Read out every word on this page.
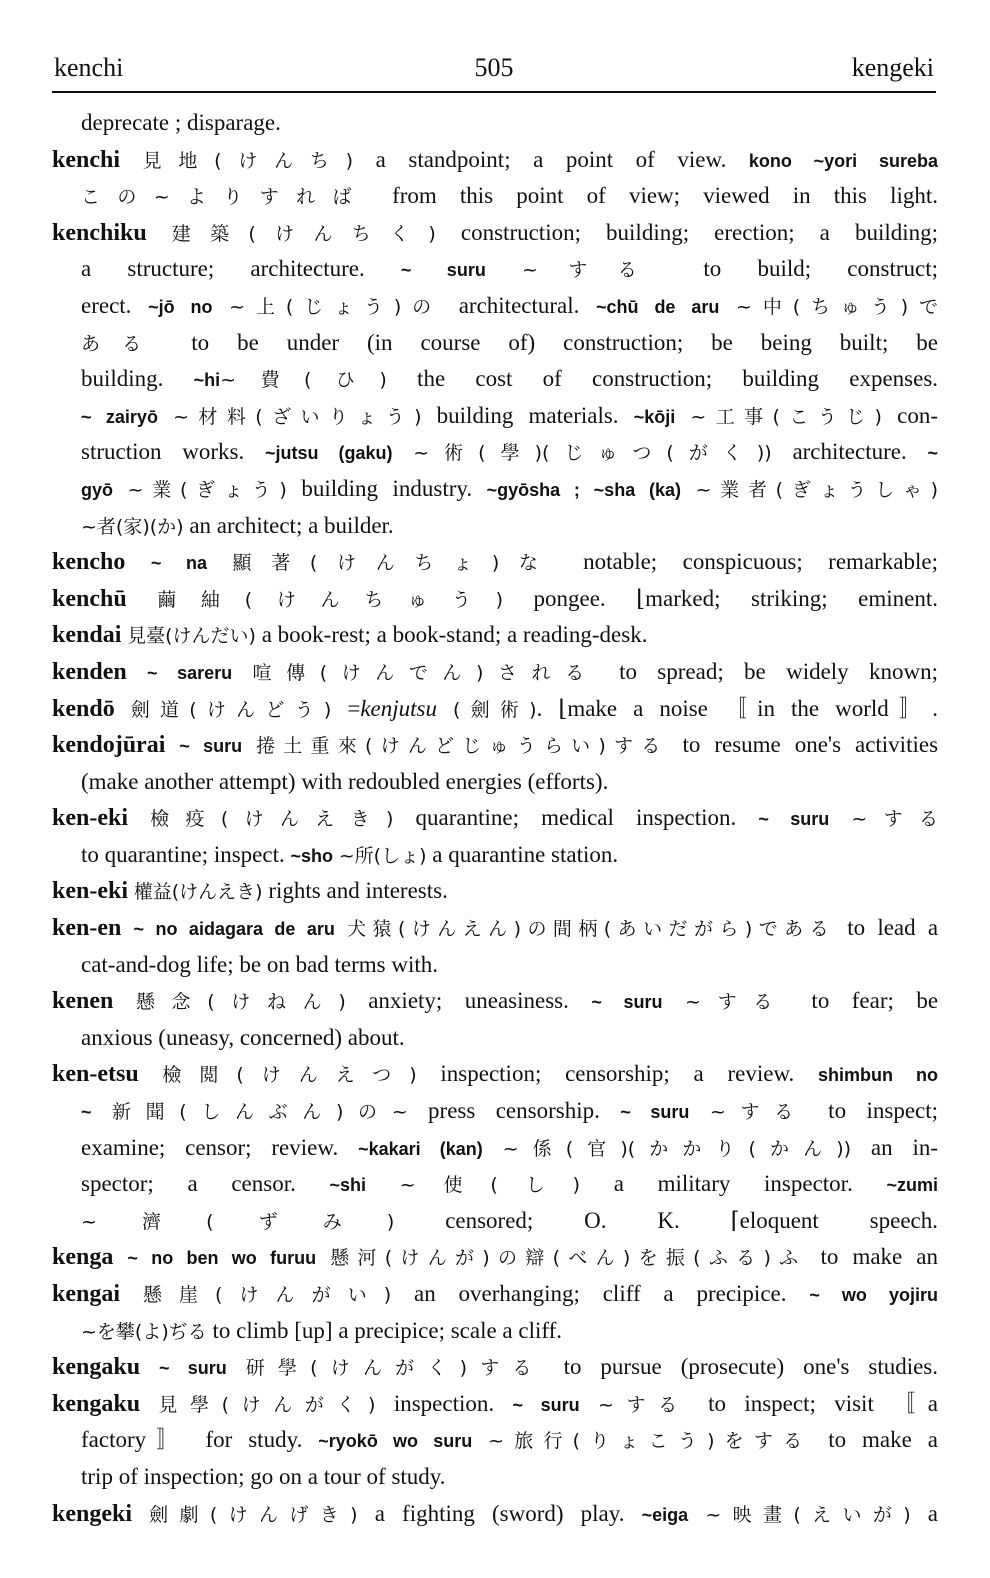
kenchi	505	kengeki
deprecate ; disparage.
kenchi 見地(けんち) a standpoint; a point of view. kono ~yori sureba
この~よりすれば from this point of view; viewed in this light.
kenchiku 建築(けんちく) construction; building; erection; a building;
a structure; architecture. ~ suru ~する to build; construct;
erect. ~jō no ~上(じょう)の architectural. ~chū de aru ~中(ちゅう)で
ある to be under (in course of) construction; be being built; be
building. ~hi~費(ひ) the cost of construction; building expenses.
~ zairyō ~材料(ざいりょう) building materials. ~kōji ~工事(こうじ) con-
struction works. ~jutsu (gaku) ~術(學)(じゅつ(がく)) architecture. ~
gyō ~業(ぎょう) building industry. ~gyōsha ; ~sha (ka) ~業者(ぎょうしゃ)
~者(家)(か) an architect; a builder.
kencho ~ na 顯著(けんちょ)な notable; conspicuous; remarkable;
kenchū 繭紬(けんちゅう) pongee. ⌊marked; striking; eminent.
kendai 見臺(けんだい) a book-rest; a book-stand; a reading-desk.
kenden ~ sareru 喧傳(けんでん)される to spread; be widely known;
kendō 劍道(けんどう) =kenjutsu (劍術). ⌊make a noise 〚in the world〛.
kendojūrai ~ suru 捲土重來(けんどじゅうらい)する to resume one's activities
(make another attempt) with redoubled energies (efforts).
ken-eki 檢疫(けんえき) quarantine; medical inspection. ~ suru ~する
to quarantine; inspect. ~sho ~所(しょ) a quarantine station.
ken-eki 權益(けんえき) rights and interests.
ken-en ~ no aidagara de aru 犬猿(けんえん)の間柄(あいだがら)である to lead a
cat-and-dog life; be on bad terms with.
kenen 懸念(けねん) anxiety; uneasiness. ~ suru ~する to fear; be
anxious (uneasy, concerned) about.
ken-etsu 檢閲(けんえつ) inspection; censorship; a review. shimbun no
~ 新聞(しんぶん)の~ press censorship. ~ suru ~する to inspect;
examine; censor; review. ~kakari (kan) ~係(官)(かかり(かん)) an in-
spector; a censor. ~shi ~使(し) a military inspector. ~zumi
~濟(ずみ) censored; O. K. ⌈eloquent speech.
kenga ~ no ben wo furuu 懸河(けんが)の辯(べん)を振(ふる)ふ to make an
kengai 懸崖(けんがい) an overhanging; cliff a precipice. ~ wo yojiru
~を攀(よ)ぢる to climb [up] a precipice; scale a cliff.
kengaku ~ suru 研學(けんがく)する to pursue (prosecute) one's studies.
kengaku 見學(けんがく) inspection. ~ suru ~する to inspect; visit 〚a
factory〛 for study. ~ryokō wo suru ~旅行(りょこう)をする to make a
trip of inspection; go on a tour of study.
kengeki 劍劇(けんげき) a fighting (sword) play. ~eiga ~映畫(えいが) a
